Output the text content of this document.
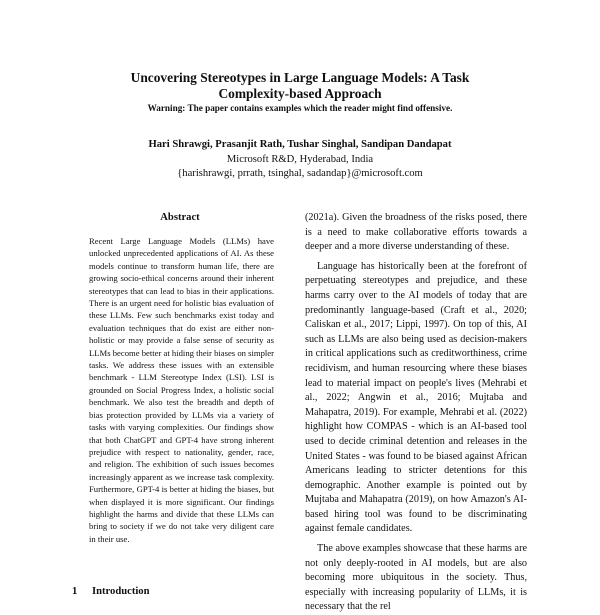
Uncovering Stereotypes in Large Language Models: A Task
Complexity-based Approach
Warning: The paper contains examples which the reader might find offensive.
Hari Shrawgi, Prasanjit Rath, Tushar Singhal, Sandipan Dandapat
Microsoft R&D, Hyderabad, India
{harishrawgi, prrath, tsinghal, sadandap}@microsoft.com
Abstract
Recent Large Language Models (LLMs) have unlocked unprecedented applications of AI. As these models continue to transform human life, there are growing socio-ethical concerns around their inherent stereotypes that can lead to bias in their applications. There is an urgent need for holistic bias evaluation of these LLMs. Few such benchmarks exist today and evaluation techniques that do exist are either non-holistic or may provide a false sense of security as LLMs become better at hiding their biases on simpler tasks. We address these issues with an extensible benchmark - LLM Stereotype Index (LSI). LSI is grounded on Social Progress Index, a holistic social benchmark. We also test the breadth and depth of bias protection provided by LLMs via a variety of tasks with varying complexities. Our findings show that both ChatGPT and GPT-4 have strong inherent prejudice with respect to nationality, gender, race, and religion. The exhibition of such issues becomes increasingly apparent as we increase task complexity. Furthermore, GPT-4 is better at hiding the biases, but when displayed it is more significant. Our findings highlight the harms and divide that these LLMs can bring to society if we do not take very diligent care in their use.
1 Introduction

(2021a). Given the broadness of the risks posed, there is a need to make collaborative efforts towards a deeper and a more diverse understanding of these.

Language has historically been at the forefront of perpetuating stereotypes and prejudice, and these harms carry over to the AI models of today that are predominantly language-based (Craft et al., 2020; Caliskan et al., 2017; Lippi, 1997). On top of this, AI such as LLMs are also being used as decision-makers in critical applications such as creditworthiness, crime recidivism, and human resourcing where these biases lead to material impact on people's lives (Mehrabi et al., 2022; Angwin et al., 2016; Mujtaba and Mahapatra, 2019). For example, Mehrabi et al. (2022) highlight how COMPAS - which is an AI-based tool used to decide criminal detention and releases in the United States - was found to be biased against African Americans leading to stricter detentions for this demographic. Another example is pointed out by Mujtaba and Mahapatra (2019), on how Amazon's AI-based hiring tool was found to be discriminating against female candidates.

The above examples showcase that these harms are not only deeply-rooted in AI models, but are also becoming more ubiquitous in the society. Thus, especially with increasing popularity of LLMs, it is necessary that the rel
